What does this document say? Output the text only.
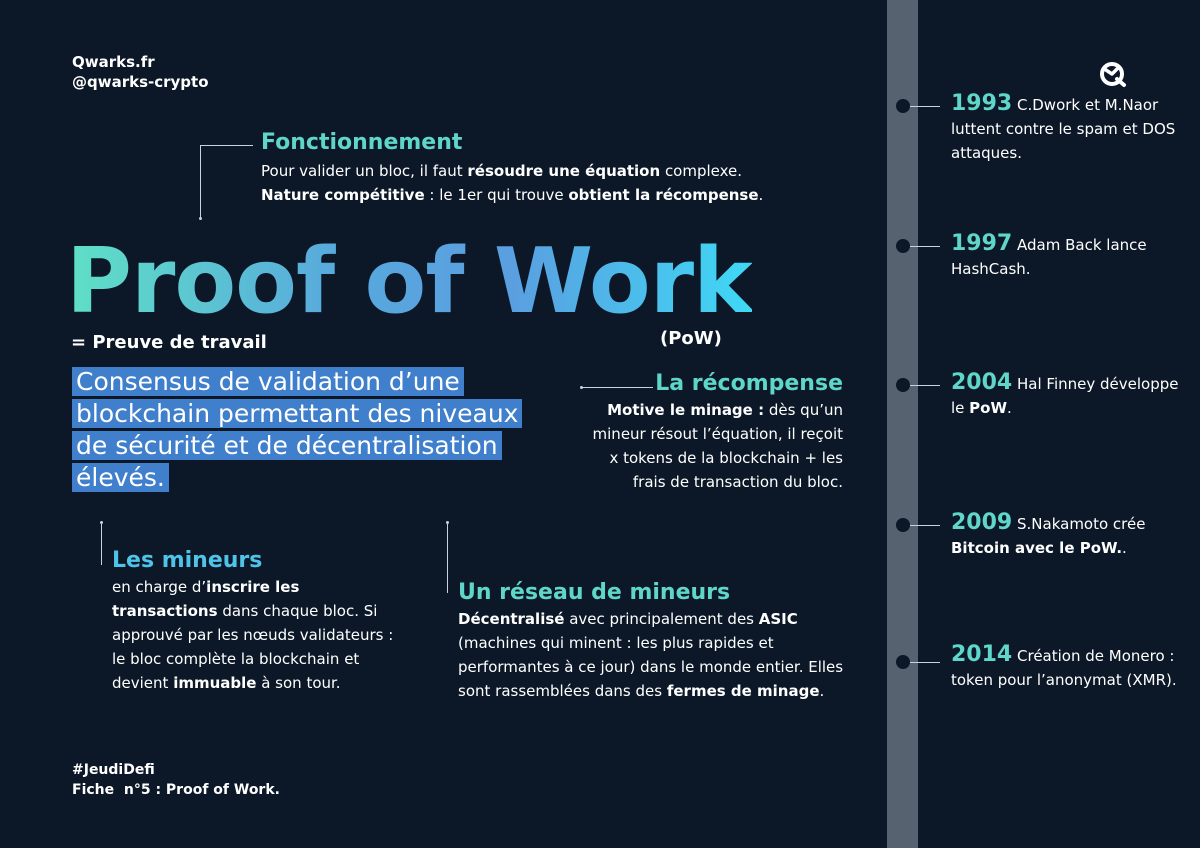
Qwarks.fr
@qwarks-crypto
Fonctionnement
Pour valider un bloc, il faut résoudre une équation complexe.
Nature compétitive : le 1er qui trouve obtient la récompense.
Proof of Work
= Preuve de travail	(PoW)
Consensus de validation d’une blockchain permettant des niveaux de sécurité et de décentralisation élevés.
La récompense
Motive le minage : dès qu’un mineur résout l’équation, il reçoit x tokens de la blockchain + les frais de transaction du bloc.
Les mineurs
en charge d’inscrire les transactions dans chaque bloc. Si approuvé par les nœuds validateurs : le bloc complète la blockchain et devient immuable à son tour.
Un réseau de mineurs
Décentralisé avec principalement des ASIC (machines qui minent : les plus rapides et performantes à ce jour) dans le monde entier. Elles sont rassemblées dans des fermes de minage.
#JeudiDefi
Fiche  n°5 : Proof of Work.
1993 C.Dwork et M.Naor luttent contre le spam et DOS attaques.
1997 Adam Back lance HashCash.
2004 Hal Finney développe le PoW.
2009 S.Nakamoto crée Bitcoin avec le PoW..
2014 Création de Monero : token pour l’anonymat (XMR).
